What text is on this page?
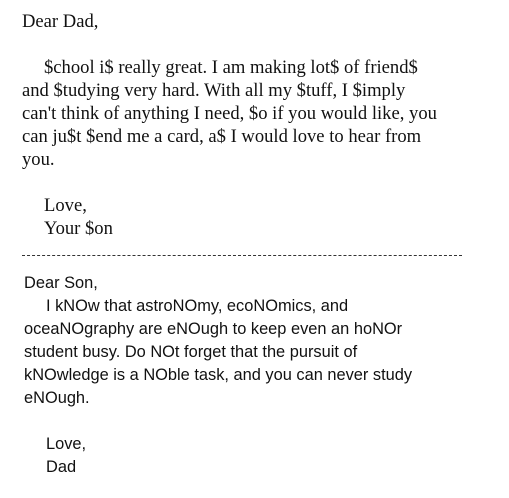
Dear Dad,
$chool i$ really great. I am making lot$ of friend$
and $tudying very hard. With all my $tuff, I $imply
can't think of anything I need, $o if you would like, you
can ju$t $end me a card, a$ I would love to hear from
you.
Love,
Your $on
Dear Son,
I kNOw that astroNOmy, ecoNOmics, and
oceaNOgraphy are eNOugh to keep even an hoNOr
student busy. Do NOt forget that the pursuit of
kNOwledge is a NOble task, and you can never study
eNOugh.
Love,
Dad
